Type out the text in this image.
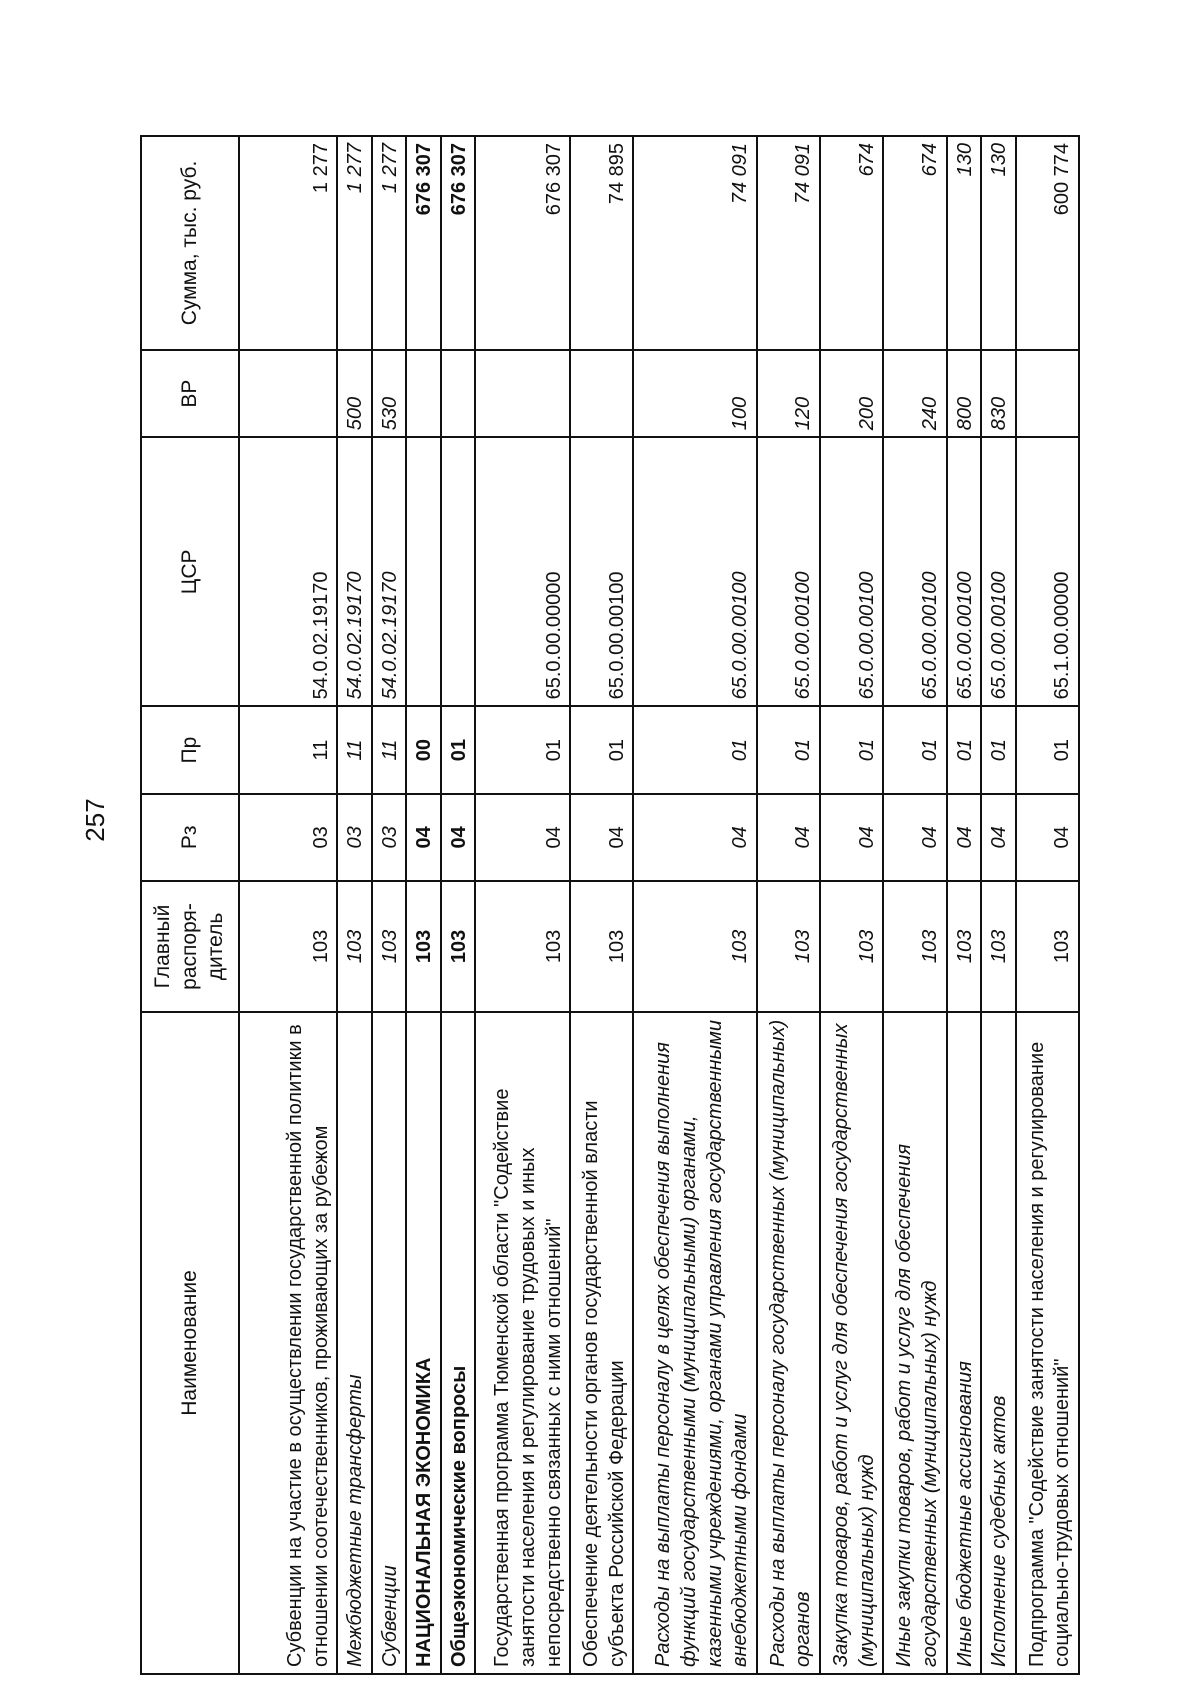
257
Наименование	Главный распоря-дитель	Рз	Пр	ЦСР	ВР	Сумма, тыс. руб.
Субвенции на участие в осуществлении государственной политики в отношении соотечественников, проживающих за рубежом	103	03	11	54.0.02.19170		1 277
Межбюджетные трансферты	103	03	11	54.0.02.19170	500	1 277
Субвенции	103	03	11	54.0.02.19170	530	1 277
НАЦИОНАЛЬНАЯ ЭКОНОМИКА	103	04	00			676 307
Общеэкономические вопросы	103	04	01			676 307
Государственная программа Тюменской области "Содействие занятости населения и регулирование трудовых и иных непосредственно связанных с ними отношений"	103	04	01	65.0.00.00000		676 307
Обеспечение деятельности органов государственной власти субъекта Российской Федерации	103	04	01	65.0.00.00100		74 895
Расходы на выплаты персоналу в целях обеспечения выполнения функций государственными (муниципальными) органами, казенными учреждениями, органами управления государственными внебюджетными фондами	103	04	01	65.0.00.00100	100	74 091
Расходы на выплаты персоналу государственных (муниципальных) органов	103	04	01	65.0.00.00100	120	74 091
Закупка товаров, работ и услуг для обеспечения государственных (муниципальных) нужд	103	04	01	65.0.00.00100	200	674
Иные закупки товаров, работ и услуг для обеспечения государственных (муниципальных) нужд	103	04	01	65.0.00.00100	240	674
Иные бюджетные ассигнования	103	04	01	65.0.00.00100	800	130
Исполнение судебных актов	103	04	01	65.0.00.00100	830	130
Подпрограмма "Содействие занятости населения и регулирование социально-трудовых отношений"	103	04	01	65.1.00.00000		600 774
